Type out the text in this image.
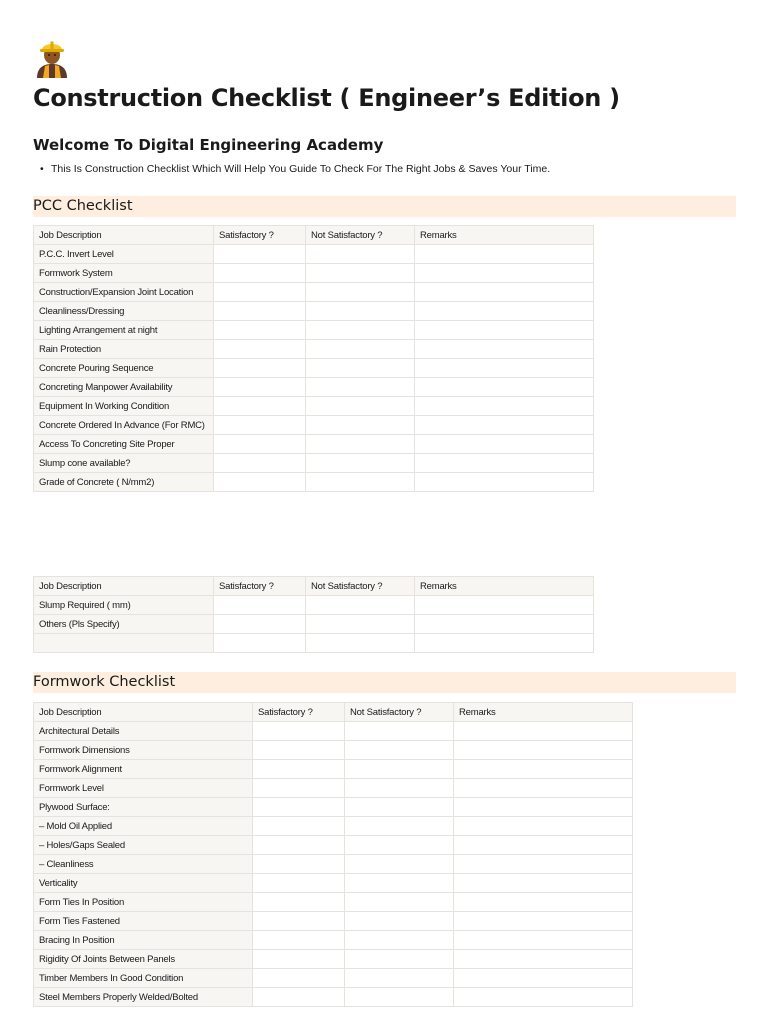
Construction Checklist ( Engineer’s Edition )
Welcome To Digital Engineering Academy
• This Is Construction Checklist Which Will Help You Guide To Check For The Right Jobs & Saves Your Time.
PCC Checklist
Job Description	Satisfactory ?	Not Satisfactory ?	Remarks
P.C.C. Invert Level			
Formwork System			
Construction/Expansion Joint Location			
Cleanliness/Dressing			
Lighting Arrangement at night			
Rain Protection			
Concrete Pouring Sequence			
Concreting Manpower Availability			
Equipment In Working Condition			
Concrete Ordered In Advance (For RMC)			
Access To Concreting Site Proper			
Slump cone available?			
Grade of Concrete ( N/mm2)			
Job Description	Satisfactory ?	Not Satisfactory ?	Remarks
Slump Required ( mm)			
Others (Pls Specify)			

Formwork Checklist
Job Description	Satisfactory ?	Not Satisfactory ?	Remarks
Architectural Details			
Formwork Dimensions			
Formwork Alignment			
Formwork Level			
Plywood Surface:			
– Mold Oil Applied			
– Holes/Gaps Sealed			
– Cleanliness			
Verticality			
Form Ties In Position			
Form Ties Fastened			
Bracing In Position			
Rigidity Of Joints Between Panels			
Timber Members In Good Condition			
Steel Members Properly Welded/Bolted			
